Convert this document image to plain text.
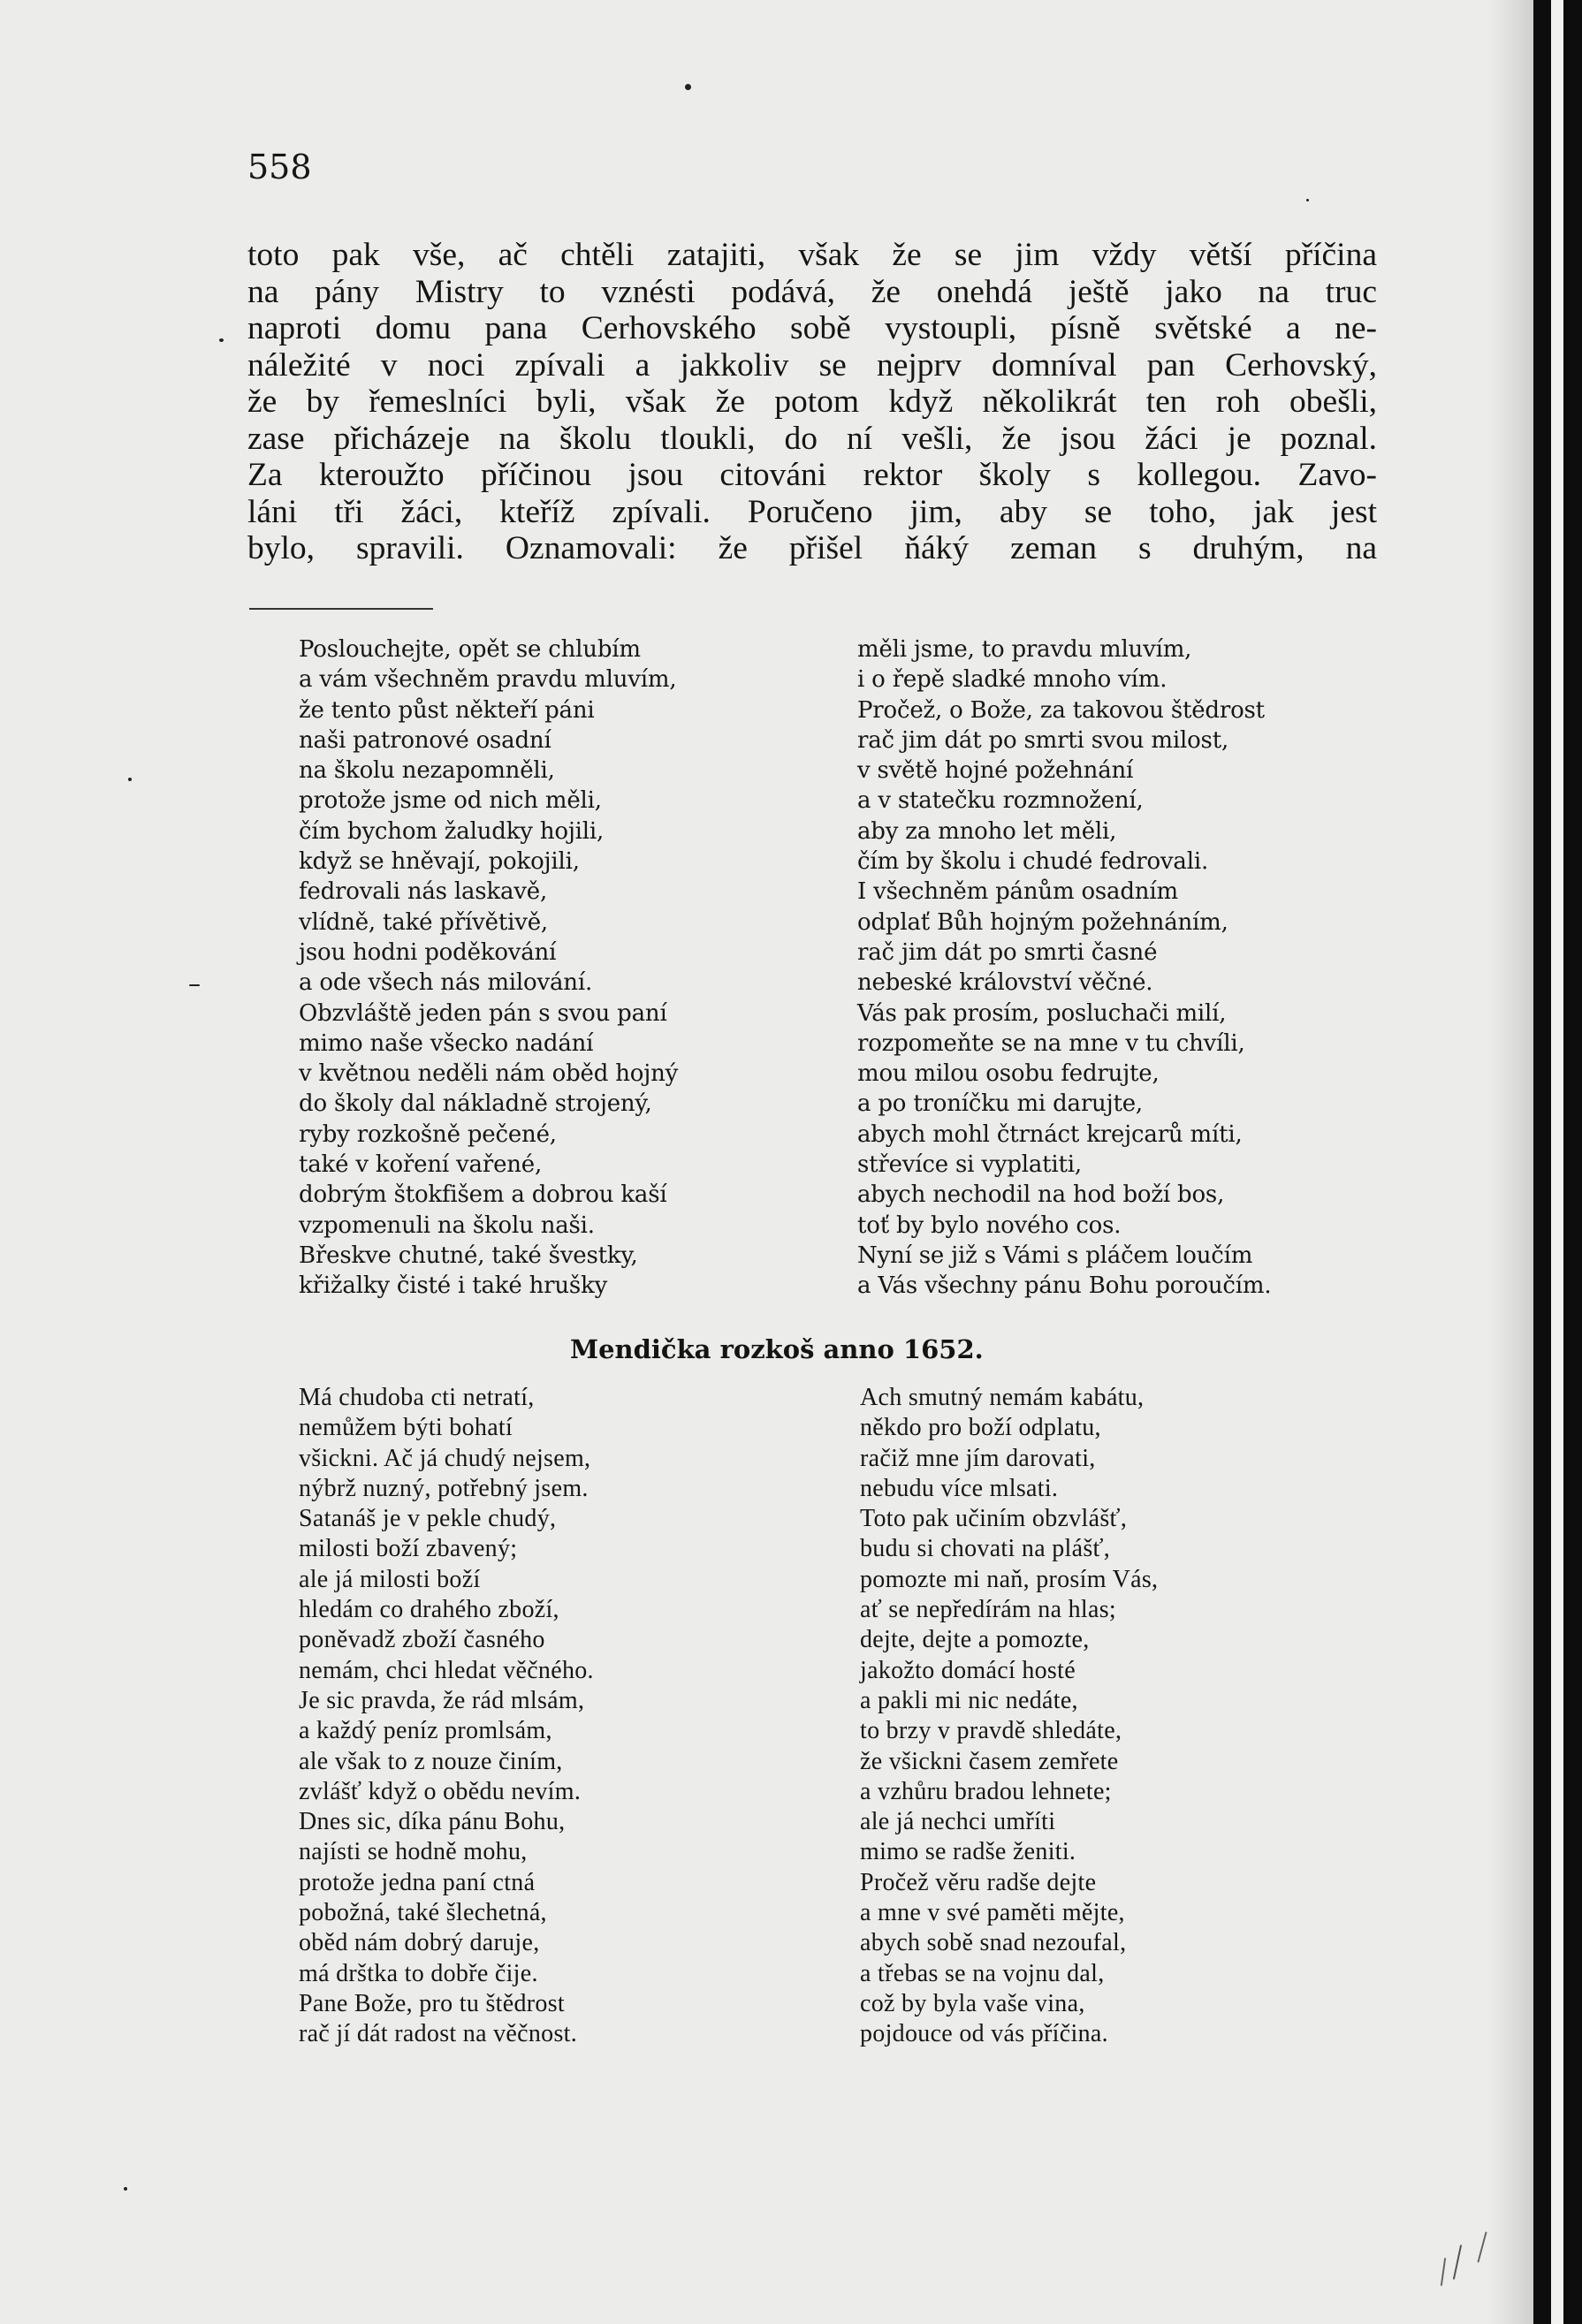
558
toto pak vše, ač chtěli zatajiti, však že se jim vždy větší příčina
na pány Mistry to vznésti podává, že onehdá ještě jako na truc
naproti domu pana Cerhovského sobě vystoupli, písně světské a ne-
náležité v noci zpívali a jakkoliv se nejprv domníval pan Cerhovský,
že by řemeslníci byli, však že potom když několikrát ten roh obešli,
zase přicházeje na školu tloukli, do ní vešli, že jsou žáci je poznal.
Za kteroužto příčinou jsou citováni rektor školy s kollegou. Zavo-
láni tři žáci, kteříž zpívali. Poručeno jim, aby se toho, jak jest
bylo, spravili. Oznamovali: že přišel ňáký zeman s druhým, na
Poslouchejte, opět se chlubím
a vám všechněm pravdu mluvím,
že tento půst někteří páni
naši patronové osadní
na školu nezapomněli,
protože jsme od nich měli,
čím bychom žaludky hojili,
když se hněvají, pokojili,
fedrovali nás laskavě,
vlídně, také přívětivě,
jsou hodni poděkování
a ode všech nás milování.
Obzvláště jeden pán s svou paní
mimo naše všecko nadání
v květnou neděli nám oběd hojný
do školy dal nákladně strojený,
ryby rozkošně pečené,
také v koření vařené,
dobrým štokfišem a dobrou kaší
vzpomenuli na školu naši.
Břeskve chutné, také švestky,
křižalky čisté i také hrušky
měli jsme, to pravdu mluvím,
i o řepě sladké mnoho vím.
Pročež, o Bože, za takovou štědrost
rač jim dát po smrti svou milost,
v světě hojné požehnání
a v statečku rozmnožení,
aby za mnoho let měli,
čím by školu i chudé fedrovali.
I všechněm pánům osadním
odplať Bůh hojným požehnáním,
rač jim dát po smrti časné
nebeské království věčné.
Vás pak prosím, posluchači milí,
rozpomeňte se na mne v tu chvíli,
mou milou osobu fedrujte,
a po troníčku mi darujte,
abych mohl čtrnáct krejcarů míti,
střevíce si vyplatiti,
abych nechodil na hod boží bos,
toť by bylo nového cos.
Nyní se již s Vámi s pláčem loučím
a Vás všechny pánu Bohu poroučím.
Mendička rozkoš anno 1652.
Má chudoba cti netratí,
nemůžem býti bohatí
všickni. Ač já chudý nejsem,
nýbrž nuzný, potřebný jsem.
Satanáš je v pekle chudý,
milosti boží zbavený;
ale já milosti boží
hledám co drahého zboží,
poněvadž zboží časného
nemám, chci hledat věčného.
Je sic pravda, že rád mlsám,
a každý peníz promlsám,
ale však to z nouze činím,
zvlášť když o obědu nevím.
Dnes sic, díka pánu Bohu,
najísti se hodně mohu,
protože jedna paní ctná
pobožná, také šlechetná,
oběd nám dobrý daruje,
má drštka to dobře čije.
Pane Bože, pro tu štědrost
rač jí dát radost na věčnost.
Ach smutný nemám kabátu,
někdo pro boží odplatu,
račiž mne jím darovati,
nebudu více mlsati.
Toto pak učiním obzvlášť,
budu si chovati na plášť,
pomozte mi naň, prosím Vás,
ať se nepředírám na hlas;
dejte, dejte a pomozte,
jakožto domácí hosté
a pakli mi nic nedáte,
to brzy v pravdě shledáte,
že všickni časem zemřete
a vzhůru bradou lehnete;
ale já nechci umříti
mimo se radše ženiti.
Pročež věru radše dejte
a mne v své paměti mějte,
abych sobě snad nezoufal,
a třebas se na vojnu dal,
což by byla vaše vina,
pojdouce od vás příčina.
